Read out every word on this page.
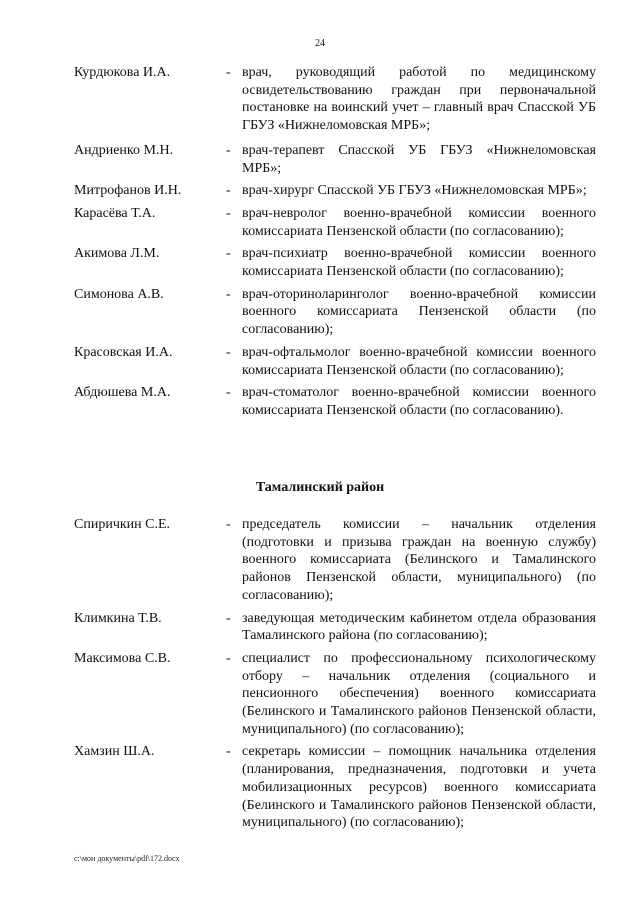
24
Курдюкова И.А.	- врач, руководящий работой по медицинскому освидетельствованию граждан при первоначальной постановке на воинский учет – главный врач Спасской УБ ГБУЗ «Нижнеломовская МРБ»;
Андриенко М.Н.	- врач-терапевт Спасской УБ ГБУЗ «Нижнеломовская МРБ»;
Митрофанов И.Н.	- врач-хирург Спасской УБ ГБУЗ «Нижнеломовская МРБ»;
Карасёва Т.А.	- врач-невролог военно-врачебной комиссии военного комиссариата Пензенской области (по согласованию);
Акимова Л.М.	- врач-психиатр военно-врачебной комиссии военного комиссариата Пензенской области (по согласованию);
Симонова А.В.	- врач-оториноларинголог военно-врачебной комиссии военного комиссариата Пензенской области (по согласованию);
Красовская И.А.	- врач-офтальмолог военно-врачебной комиссии военного комиссариата Пензенской области (по согласованию);
Абдюшева М.А.	- врач-стоматолог военно-врачебной комиссии военного комиссариата Пензенской области (по согласованию).
Тамалинский район
Спиричкин С.Е.	- председатель комиссии – начальник отделения (подготовки и призыва граждан на военную службу) военного комиссариата (Белинского и Тамалинского районов Пензенской области, муниципального) (по согласованию);
Климкина Т.В.	- заведующая методическим кабинетом отдела образования Тамалинского района (по согласованию);
Максимова С.В.	- специалист по профессиональному психологическому отбору – начальник отделения (социального и пенсионного обеспечения) военного комиссариата (Белинского и Тамалинского районов Пензенской области, муниципального) (по согласованию);
Хамзин Ш.А.	- секретарь комиссии – помощник начальника отделения (планирования, предназначения, подготовки и учета мобилизационных ресурсов) военного комиссариата (Белинского и Тамалинского районов Пензенской области, муниципального) (по согласованию);
c:\мои документы\pdf\172.docx
